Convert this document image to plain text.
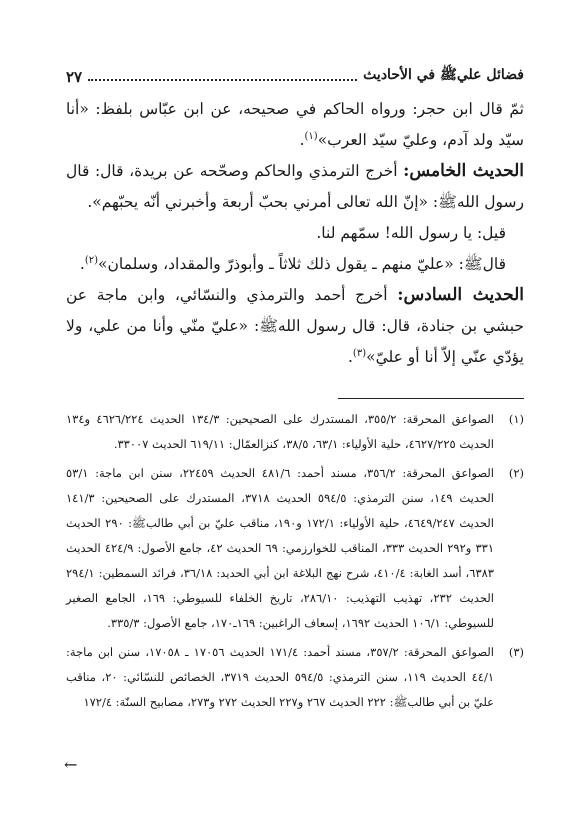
فضائل عليﷺ في الأحاديث
٢٧

ثمّ قال ابن حجر: ورواه الحاكم في صحيحه، عن ابن عبّاس بلفظ: «أنا سيّد ولد آدم، وعليّ سيّد العرب»$^{(١)}$.

الحديث الخامس: أخرج الترمذي والحاكم وصحّحه عن بريدة، قال: قال رسول اللهﷺ: «إنّ الله تعالى أمرني بحبّ أربعة وأخبرني أنّه يحبّهم».

قيل: يا رسول الله! سمّهم لنا.

قالﷺ: «عليّ منهم ـ يقول ذلك ثلاثاً ـ وأبوذرّ والمقداد، وسلمان»$^{(٢)}$.

الحديث السادس: أخرج أحمد والترمذي والنسّائي، وابن ماجة عن حبشي بن جنادة، قال: قال رسول اللهﷺ: «عليّ منّي وأنا من علي، ولا يؤدّي عنّي إلاّ أنا أو عليّ»$^{(٣)}$.

(١)
الصواعق المحرقة: ٣٥٥/٢، المستدرك على الصحيحين: ١٣٤/٣ الحديث ٤٦٢٦/٢٢٤ و١٣٤ الحديث ٤٦٢٧/٢٢٥، حلية الأولياء: ٦٣/١، ٣٨/٥، كنزالعمّال: ٦١٩/١١ الحديث ٣٣٠٠٧.
(٢)
الصواعق المحرقة: ٣٥٦/٢، مسند أحمد: ٤٨١/٦ الحديث ٢٢٤٥٩، سنن ابن ماجة: ٥٣/١ الحديث ١٤٩، سنن الترمذي: ٥٩٤/٥ الحديث ٣٧١٨، المستدرك على الصحيحين: ١٤١/٣ الحديث ٤٦٤٩/٢٤٧، حلية الأولياء: ١٧٢/١ و١٩٠، مناقب عليّ بن أبي طالبﷺ: ٢٩٠ الحديث ٣٣١ و٢٩٢ الحديث ٣٣٣، المناقب للخوارزمي: ٦٩ الحديث ٤٢، جامع الأصول: ٤٢٤/٩ الحديث ٦٣٨٣، أسد الغابة: ٤١٠/٤، شرح نهج البلاغة ابن أبي الحديد: ٣٦/١٨، فرائد السمطين: ٢٩٤/١ الحديث ٢٣٢، تهذيب التهذيب: ٢٨٦/١٠، تاريخ الخلفاء للسيوطي: ١٦٩، الجامع الصغير للسيوطي: ١٠٦/١ الحديث ١٦٩٢، إسعاف الراغبين: ١٦٩ـ١٧٠، جامع الأصول: ٣٣٥/٣.
(٣)
الصواعق المحرقة: ٣٥٧/٢، مسند أحمد: ١٧١/٤ الحديث ١٧٠٥٦ ـ ١٧٠٥٨، سنن ابن ماجة: ٤٤/١ الحديث ١١٩، سنن الترمذي: ٥٩٤/٥ الحديث ٣٧١٩، الخصائص للنسّائي: ٢٠، مناقب عليّ بن أبي طالبﷺ: ٢٢٢ الحديث ٢٦٧ و٢٢٧ الحديث ٢٧٢ و٢٧٣، مصابيح السنّة: ١٧٢/٤
←
